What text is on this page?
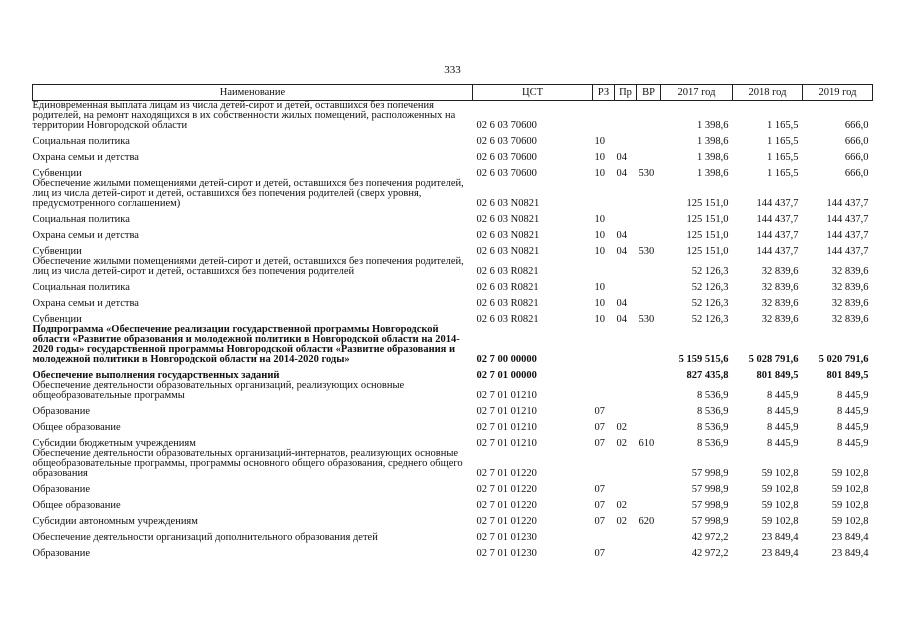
333
Наименование	ЦСТ	РЗ	Пр	ВР	2017 год	2018 год	2019 год
Единовременная выплата лицам из числа детей-сирот и детей, оставшихся без попечения родителей, на ремонт находящихся в их собственности жилых помещений, расположенных на территории Новгородской области	02 6 03 70600				1 398,6	1 165,5	666,0
Социальная политика	02 6 03 70600	10			1 398,6	1 165,5	666,0
Охрана семьи и детства	02 6 03 70600	10	04		1 398,6	1 165,5	666,0
Субвенции	02 6 03 70600	10	04	530	1 398,6	1 165,5	666,0
Обеспечение жилыми помещениями детей-сирот и детей, оставшихся без попечения родителей, лиц из числа детей-сирот и детей, оставшихся без попечения родителей (сверх уровня, предусмотренного соглашением)	02 6 03 N0821				125 151,0	144 437,7	144 437,7
Социальная политика	02 6 03 N0821	10			125 151,0	144 437,7	144 437,7
Охрана семьи и детства	02 6 03 N0821	10	04		125 151,0	144 437,7	144 437,7
Субвенции	02 6 03 N0821	10	04	530	125 151,0	144 437,7	144 437,7
Обеспечение жилыми помещениями детей-сирот и детей, оставшихся без попечения родителей, лиц из числа детей-сирот и детей, оставшихся без попечения родителей	02 6 03 R0821				52 126,3	32 839,6	32 839,6
Социальная политика	02 6 03 R0821	10			52 126,3	32 839,6	32 839,6
Охрана семьи и детства	02 6 03 R0821	10	04		52 126,3	32 839,6	32 839,6
Субвенции	02 6 03 R0821	10	04	530	52 126,3	32 839,6	32 839,6
Подпрограмма «Обеспечение реализации государственной программы Новгородской области «Развитие образования и молодежной политики в Новгородской области на 2014-2020 годы» государственной программы Новгородской области «Развитие образования и молодежной политики в Новгородской области на 2014-2020 годы»	02 7 00 00000				5 159 515,6	5 028 791,6	5 020 791,6
Обеспечение выполнения государственных заданий	02 7 01 00000				827 435,8	801 849,5	801 849,5
Обеспечение деятельности образовательных организаций, реализующих основные общеобразовательные программы	02 7 01 01210				8 536,9	8 445,9	8 445,9
Образование	02 7 01 01210	07			8 536,9	8 445,9	8 445,9
Общее образование	02 7 01 01210	07	02		8 536,9	8 445,9	8 445,9
Субсидии бюджетным учреждениям	02 7 01 01210	07	02	610	8 536,9	8 445,9	8 445,9
Обеспечение деятельности образовательных организаций-интернатов, реализующих основные общеобразовательные программы, программы основного общего образования, среднего общего образования	02 7 01 01220				57 998,9	59 102,8	59 102,8
Образование	02 7 01 01220	07			57 998,9	59 102,8	59 102,8
Общее образование	02 7 01 01220	07	02		57 998,9	59 102,8	59 102,8
Субсидии автономным учреждениям	02 7 01 01220	07	02	620	57 998,9	59 102,8	59 102,8
Обеспечение деятельности организаций дополнительного образования детей	02 7 01 01230				42 972,2	23 849,4	23 849,4
Образование	02 7 01 01230	07			42 972,2	23 849,4	23 849,4
